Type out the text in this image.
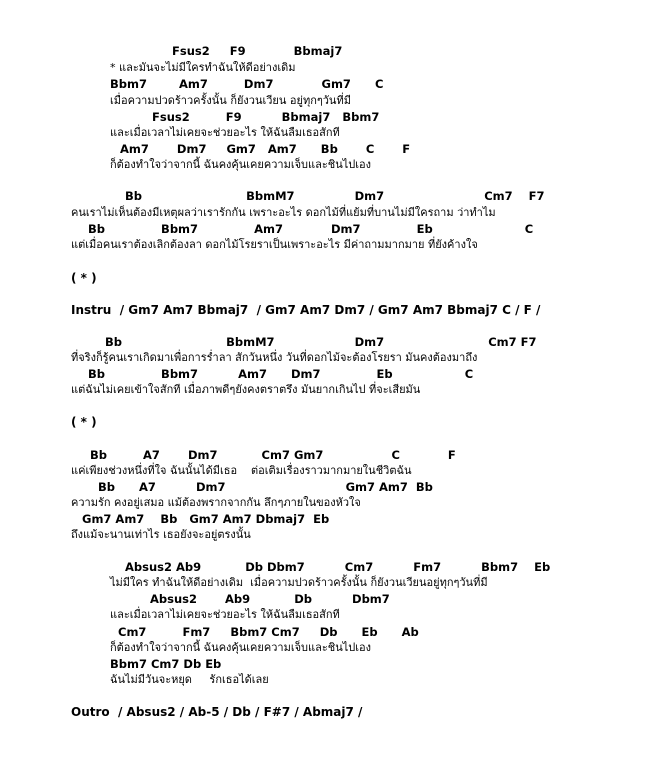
Fsus2     F9            Bbmaj7
* และมันจะไม่มีใครทำฉันให้ดีอย่างเดิม
Bbm7        Am7         Dm7            Gm7      C
เมื่อความปวดร้าวครั้งนั้น ก็ยังวนเวียน อยู่ทุกๆวันที่มี
Fsus2         F9          Bbmaj7   Bbm7
และเมื่อเวลาไม่เคยจะช่วยอะไร ให้ฉันลืมเธอสักที
Am7       Dm7     Gm7   Am7      Bb       C       F
ก็ต้องทำใจว่าจากนี้ ฉันคงคุ้นเคยความเจ็บและชินไปเอง
Bb                          BbmM7               Dm7                         Cm7    F7
คนเราไม่เห็นต้องมีเหตุผลว่าเรารักกัน เพราะอะไร ดอกไม้ที่แย้มที่บานไม่มีใครถาม ว่าทำไม
Bb              Bbm7              Am7            Dm7              Eb                       C
แต่เมื่อคนเราต้องเลิกต้องลา ดอกไม้โรยราเป็นเพราะอะไร มีค่าถามมากมาย ที่ยังค้างใจ
( * )
Instru  / Gm7 Am7 Bbmaj7  / Gm7 Am7 Dm7 / Gm7 Am7 Bbmaj7 C / F /
Bb                          BbmM7                    Dm7                          Cm7 F7
ที่จริงก็รู้คนเราเกิดมาเพื่อการร่ำลา สักวันหนึ่ง วันที่ดอกไม้จะต้องโรยรา มันคงต้องมาถึง
Bb              Bbm7          Am7      Dm7              Eb                  C
แต่ฉันไม่เคยเข้าใจสักที เมื่อภาพดีๆยังคงตราตรึง มันยากเกินไป ที่จะเสียมัน
( * )
Bb         A7       Dm7           Cm7 Gm7                 C            F
แค่เพียงช่วงหนึ่งที่ใจ ฉันนั้นได้มีเธอ    ต่อเติมเรื่องราวมากมายในชีวิตฉัน
Bb      A7          Dm7                              Gm7 Am7  Bb
ความรัก คงอยู่เสมอ แม้ต้องพรากจากกัน ลึกๆภายในของหัวใจ
Gm7 Am7    Bb   Gm7 Am7 Dbmaj7  Eb
ถึงแม้จะนานเท่าไร เธอยังจะอยู่ตรงนั้น
Absus2 Ab9           Db Dbm7          Cm7          Fm7          Bbm7    Eb
ไม่มีใคร ทำฉันให้ดีอย่างเดิม  เมื่อความปวดร้าวครั้งนั้น ก็ยังวนเวียนอยู่ทุกๆวันที่มี
Absus2       Ab9           Db          Dbm7
และเมื่อเวลาไม่เคยจะช่วยอะไร ให้ฉันลืมเธอสักที
Cm7         Fm7     Bbm7 Cm7     Db      Eb      Ab
ก็ต้องทำใจว่าจากนี้ ฉันคงคุ้นเคยความเจ็บและชินไปเอง
Bbm7 Cm7 Db Eb
ฉันไม่มีวันจะหยุด     รักเธอได้เลย
Outro  / Absus2 / Ab-5 / Db / F#7 / Abmaj7 /
